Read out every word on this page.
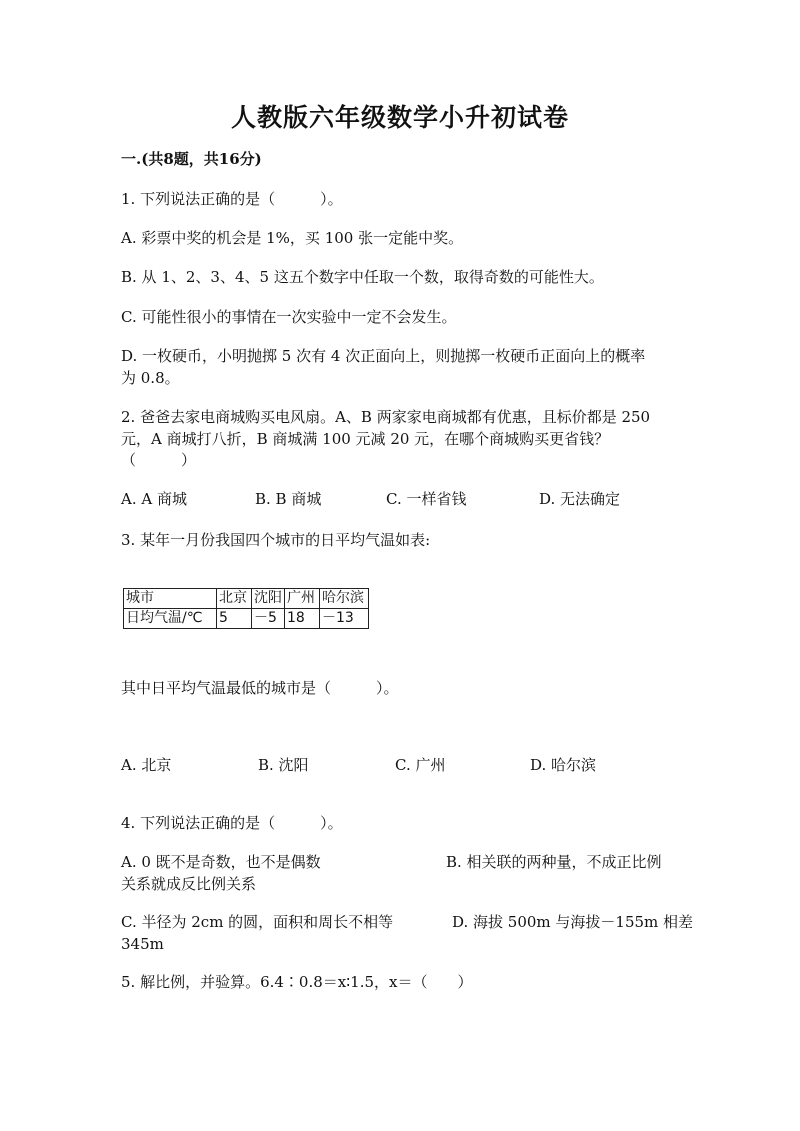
人教版六年级数学小升初试卷
一.(共8题，共16分)
1. 下列说法正确的是（　　　）。
A. 彩票中奖的机会是 1%，买 100 张一定能中奖。
B. 从 1、2、3、4、5 这五个数字中任取一个数，取得奇数的可能性大。
C. 可能性很小的事情在一次实验中一定不会发生。
D. 一枚硬币，小明抛掷 5 次有 4 次正面向上，则抛掷一枚硬币正面向上的概率
为 0.8。
2. 爸爸去家电商城购买电风扇。A、B 两家家电商城都有优惠，且标价都是 250
元，A 商城打八折，B 商城满 100 元减 20 元，在哪个商城购买更省钱？
（　　　）
A. A 商城	B. B 商城	C. 一样省钱	D. 无法确定
3. 某年一月份我国四个城市的日平均气温如表:
城市	北京	沈阳	广州	哈尔滨
日均气温/℃	5	－5	18	－13
其中日平均气温最低的城市是（　　　）。
A. 北京	B. 沈阳	C. 广州	D. 哈尔滨
4. 下列说法正确的是（　　　）。
A. 0 既不是奇数，也不是偶数	B. 相关联的两种量，不成正比例
关系就成反比例关系
C. 半径为 2cm 的圆，面积和周长不相等	D. 海拔 500m 与海拔－155m 相差
345m
5. 解比例，并验算。6.4∶0.8＝x∶1.5，x＝（　　）
